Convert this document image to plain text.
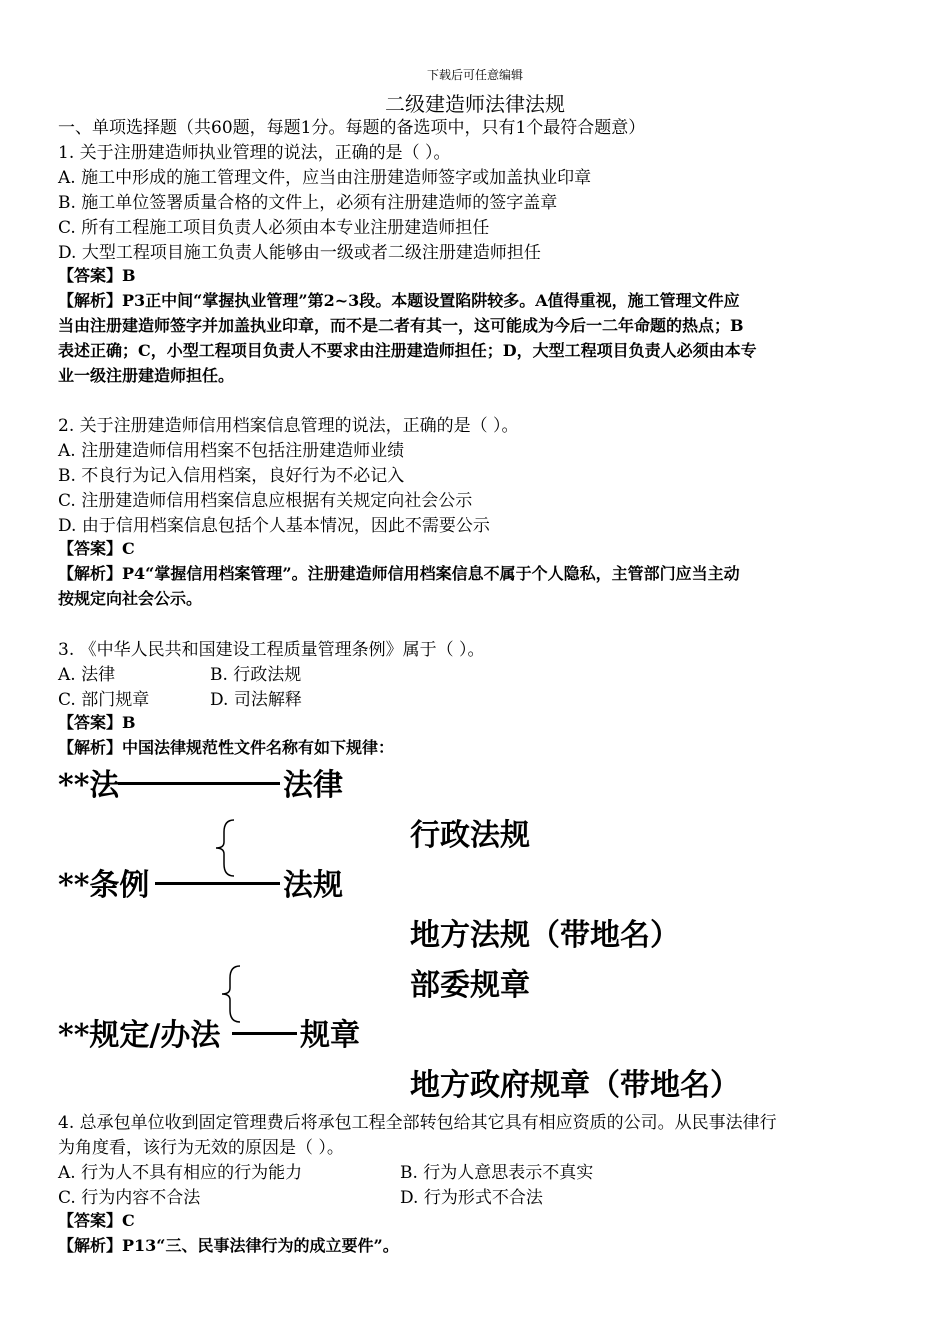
下载后可任意编辑
二级建造师法律法规
一、单项选择题（共60题，每题1分。每题的备选项中，只有1个最符合题意）
1. 关于注册建造师执业管理的说法，正确的是（ ）。
A. 施工中形成的施工管理文件，应当由注册建造师签字或加盖执业印章
B. 施工单位签署质量合格的文件上，必须有注册建造师的签字盖章
C. 所有工程施工项目负责人必须由本专业注册建造师担任
D. 大型工程项目施工负责人能够由一级或者二级注册建造师担任
【答案】B
【解析】P3正中间“掌握执业管理”第2~3段。本题设置陷阱较多。A值得重视，施工管理文件应
当由注册建造师签字并加盖执业印章，而不是二者有其一，这可能成为今后一二年命题的热点；B
表述正确；C，小型工程项目负责人不要求由注册建造师担任；D，大型工程项目负责人必须由本专
业一级注册建造师担任。
2. 关于注册建造师信用档案信息管理的说法，正确的是（ ）。
A. 注册建造师信用档案不包括注册建造师业绩
B. 不良行为记入信用档案，良好行为不必记入
C. 注册建造师信用档案信息应根据有关规定向社会公示
D. 由于信用档案信息包括个人基本情况，因此不需要公示
【答案】C
【解析】P4“掌握信用档案管理”。注册建造师信用档案信息不属于个人隐私，主管部门应当主动
按规定向社会公示。
3. 《中华人民共和国建设工程质量管理条例》属于（ ）。
A. 法律	B. 行政法规
C. 部门规章	D. 司法解释
【答案】B
【解析】中国法律规范性文件名称有如下规律：
**法	法律
行政法规
**条例	法规
地方法规（带地名）
部委规章
**规定/办法	规章
地方政府规章（带地名）
4. 总承包单位收到固定管理费后将承包工程全部转包给其它具有相应资质的公司。从民事法律行
为角度看，该行为无效的原因是（ ）。
A. 行为人不具有相应的行为能力	B. 行为人意思表示不真实
C. 行为内容不合法	D. 行为形式不合法
【答案】C
【解析】P13“三、民事法律行为的成立要件”。
